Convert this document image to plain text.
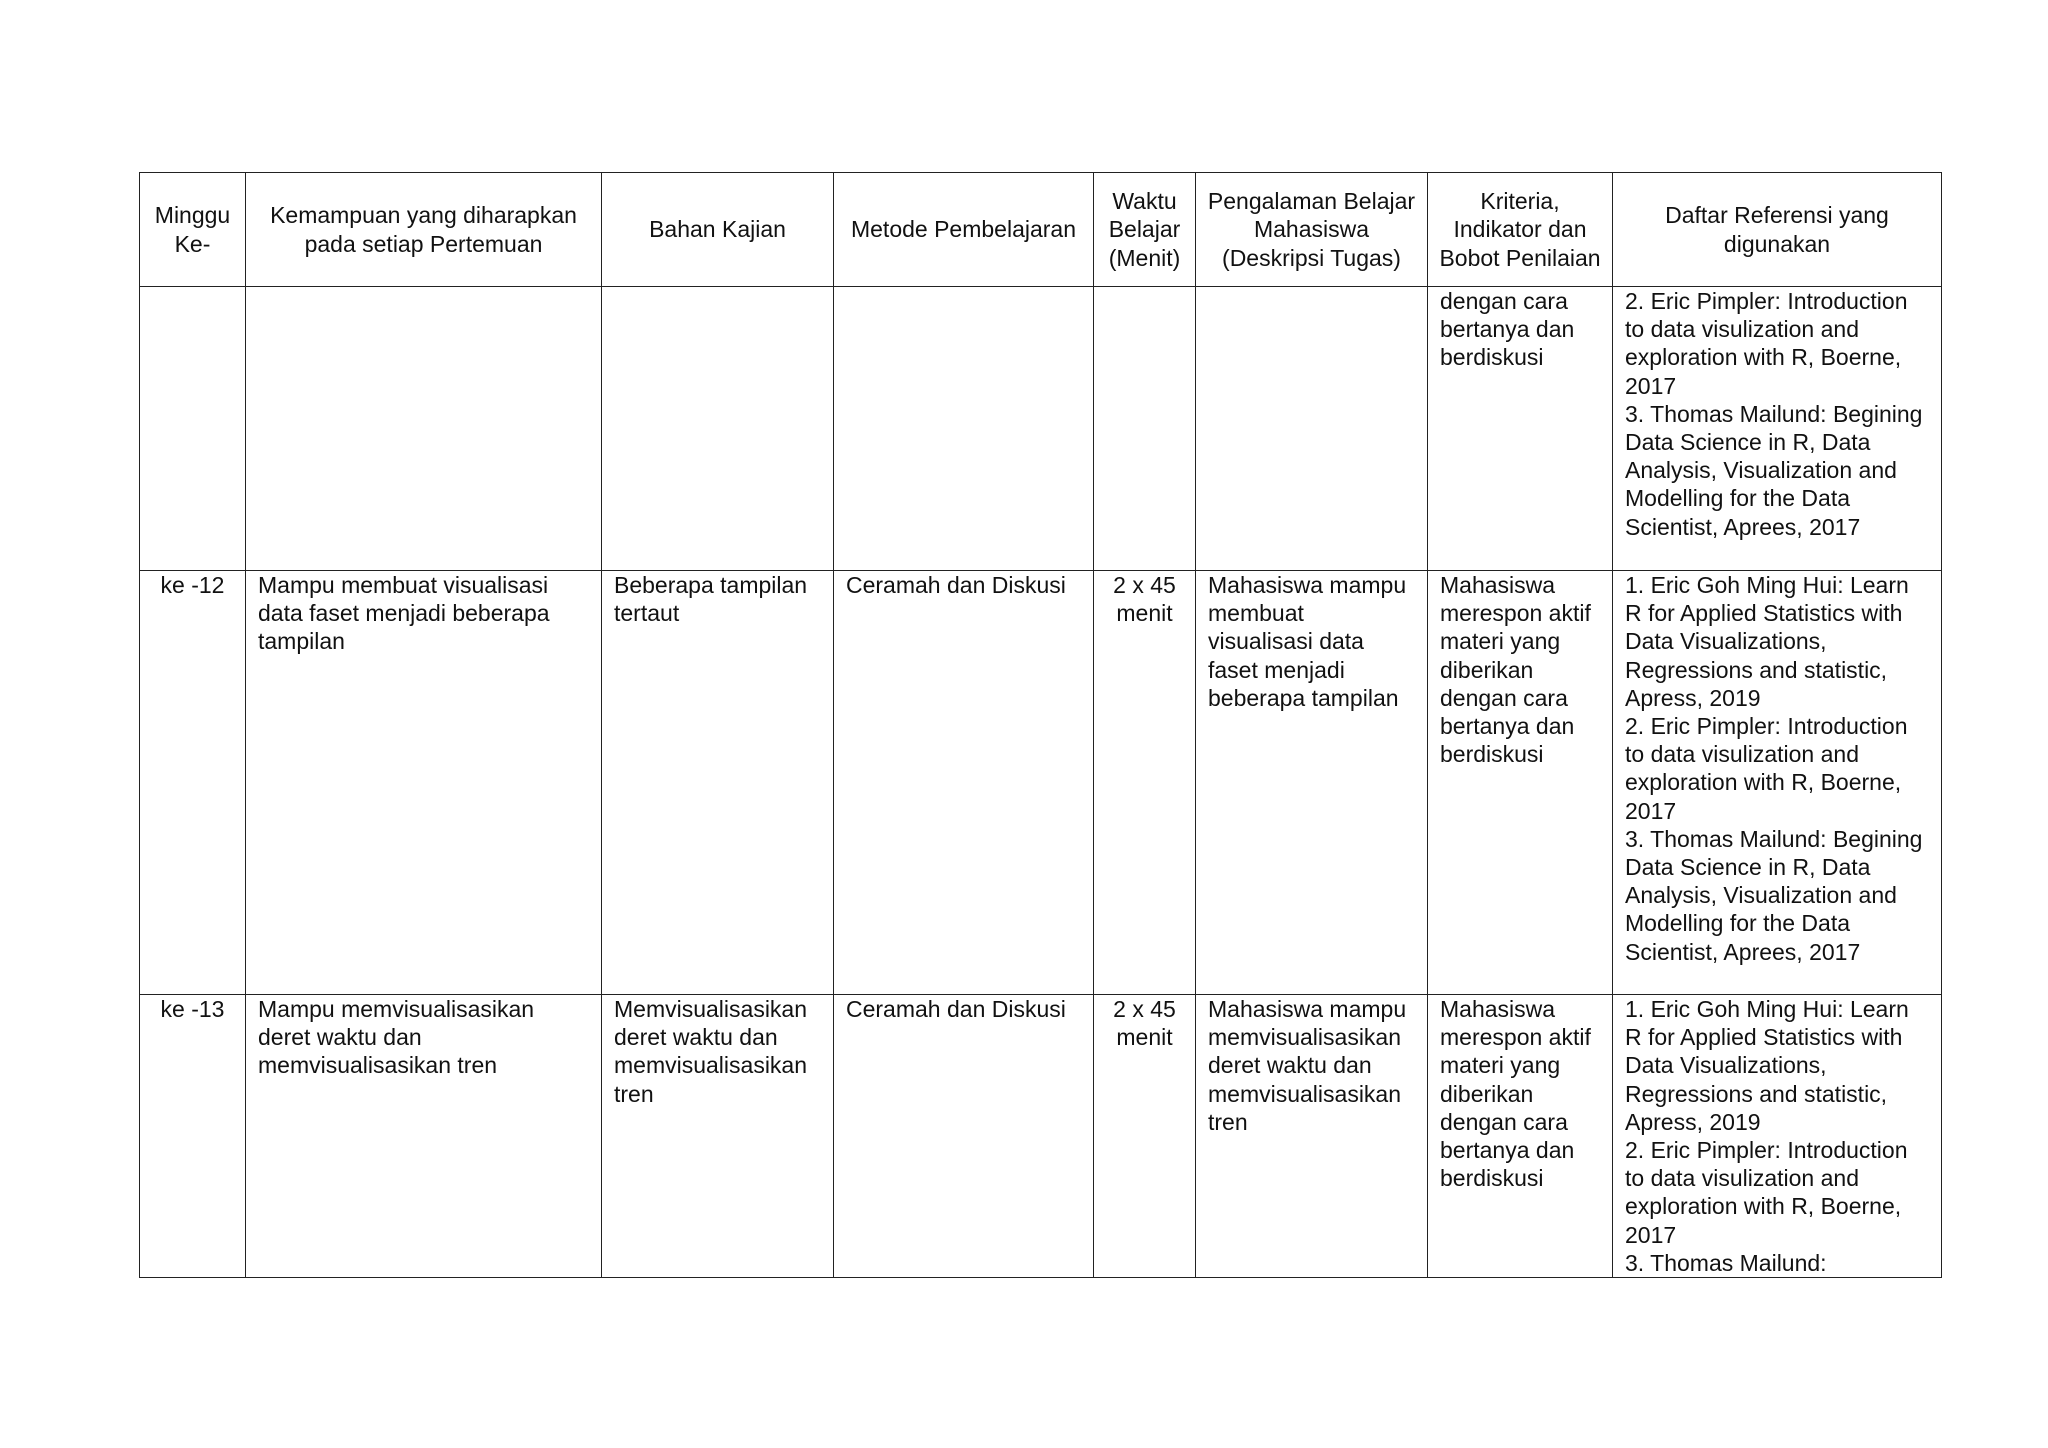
Minggu Ke-	Kemampuan yang diharapkan pada setiap Pertemuan	Bahan Kajian	Metode Pembelajaran	Waktu Belajar (Menit)	Pengalaman Belajar Mahasiswa (Deskripsi Tugas)	Kriteria, Indikator dan Bobot Penilaian	Daftar Referensi yang digunakan
						dengan cara bertanya dan berdiskusi	2. Eric Pimpler: Introduction to data visulization and exploration with R, Boerne, 2017
3. Thomas Mailund: Begining Data Science in R, Data Analysis, Visualization and Modelling for the Data Scientist, Aprees, 2017

ke -12	Mampu membuat visualisasi data faset menjadi beberapa tampilan	Beberapa tampilan tertaut	Ceramah dan Diskusi	2 x 45 menit	Mahasiswa mampu membuat visualisasi data faset menjadi beberapa tampilan	Mahasiswa merespon aktif materi yang diberikan dengan cara bertanya dan berdiskusi	1. Eric Goh Ming Hui: Learn R for Applied Statistics with Data Visualizations, Regressions and statistic, Apress, 2019
2. Eric Pimpler: Introduction to data visulization and exploration with R, Boerne, 2017
3. Thomas Mailund: Begining Data Science in R, Data Analysis, Visualization and Modelling for the Data Scientist, Aprees, 2017

ke -13	Mampu memvisualisasikan deret waktu dan memvisualisasikan tren	Memvisualisasikan deret waktu dan memvisualisasikan tren	Ceramah dan Diskusi	2 x 45 menit	Mahasiswa mampu memvisualisasikan deret waktu dan memvisualisasikan tren	Mahasiswa merespon aktif materi yang diberikan dengan cara bertanya dan berdiskusi	1. Eric Goh Ming Hui: Learn R for Applied Statistics with Data Visualizations, Regressions and statistic, Apress, 2019
2. Eric Pimpler: Introduction to data visulization and exploration with R, Boerne, 2017
3. Thomas Mailund:
